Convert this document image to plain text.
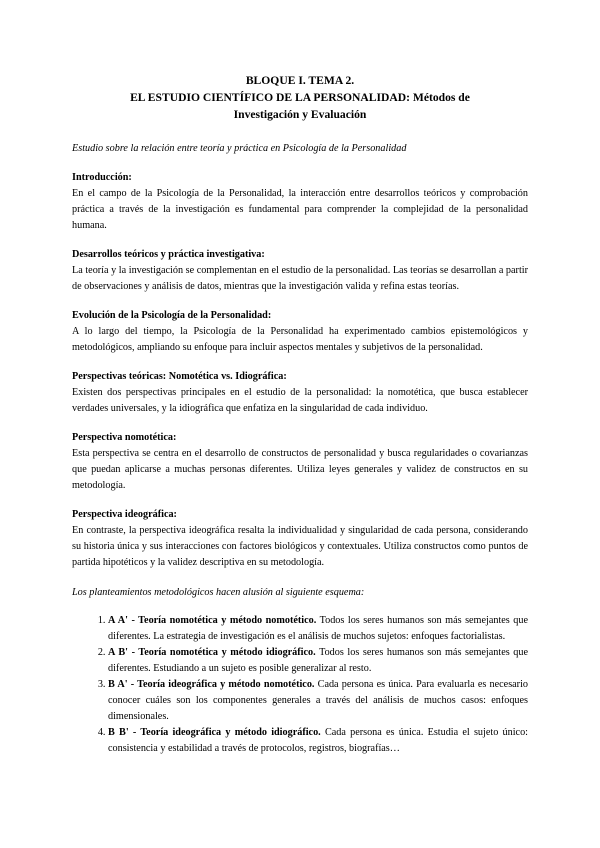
BLOQUE I. TEMA 2.
EL ESTUDIO CIENTÍFICO DE LA PERSONALIDAD: Métodos de
Investigación y Evaluación

Estudio sobre la relación entre teoría y práctica en Psicología de la Personalidad

Introducción:

En el campo de la Psicología de la Personalidad, la interacción entre desarrollos teóricos y comprobación práctica a través de la investigación es fundamental para comprender la complejidad de la personalidad humana.

Desarrollos teóricos y práctica investigativa:

La teoría y la investigación se complementan en el estudio de la personalidad. Las teorías se desarrollan a partir de observaciones y análisis de datos, mientras que la investigación valida y refina estas teorías.

Evolución de la Psicología de la Personalidad:

A lo largo del tiempo, la Psicología de la Personalidad ha experimentado cambios epistemológicos y metodológicos, ampliando su enfoque para incluir aspectos mentales y subjetivos de la personalidad.

Perspectivas teóricas: Nomotética vs. Idiográfica:

Existen dos perspectivas principales en el estudio de la personalidad: la nomotética, que busca establecer verdades universales, y la idiográfica que enfatiza en la singularidad de cada individuo.

Perspectiva nomotética:

Esta perspectiva se centra en el desarrollo de constructos de personalidad y busca regularidades o covarianzas que puedan aplicarse a muchas personas diferentes. Utiliza leyes generales y validez de constructos en su metodología.

Perspectiva ideográfica:

En contraste, la perspectiva ideográfica resalta la individualidad y singularidad de cada persona, considerando su historia única y sus interacciones con factores biológicos y contextuales. Utiliza constructos como puntos de partida hipotéticos y la validez descriptiva en su metodología.

Los planteamientos metodológicos hacen alusión al siguiente esquema:

1. A A' - Teoría nomotética y método nomotético. Todos los seres humanos son más semejantes que diferentes. La estrategia de investigación es el análisis de muchos sujetos: enfoques factorialistas.
2. A B' - Teoría nomotética y método idiográfico. Todos los seres humanos son más semejantes que diferentes. Estudiando a un sujeto es posible generalizar al resto.
3. B A' - Teoría ideográfica y método nomotético. Cada persona es única. Para evaluarla es necesario conocer cuáles son los componentes generales a través del análisis de muchos casos: enfoques dimensionales.
4. B B' - Teoría ideográfica y método idiográfico. Cada persona es única. Estudia el sujeto único: consistencia y estabilidad a través de protocolos, registros, biografías…
